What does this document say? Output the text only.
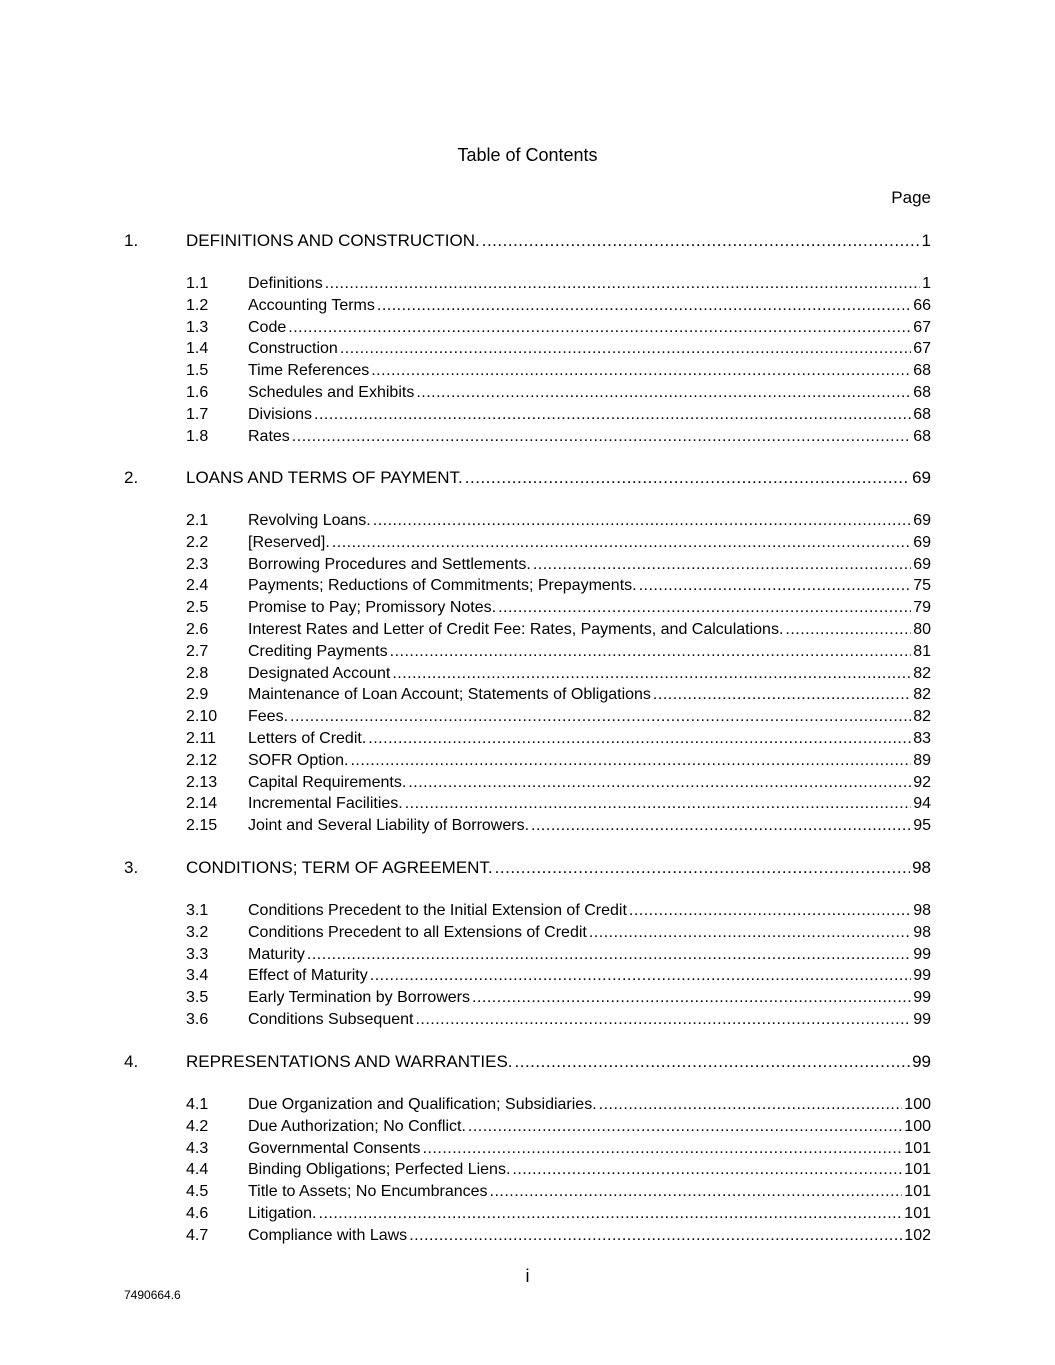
Table of Contents
Page
1.	DEFINITIONS AND CONSTRUCTION. .....	1
1.1	Definitions .....	1
1.2	Accounting Terms .....	66
1.3	Code .....	67
1.4	Construction .....	67
1.5	Time References .....	68
1.6	Schedules and Exhibits .....	68
1.7	Divisions .....	68
1.8	Rates .....	68
2.	LOANS AND TERMS OF PAYMENT. .....	69
2.1	Revolving Loans. .....	69
2.2	[Reserved]. .....	69
2.3	Borrowing Procedures and Settlements. .....	69
2.4	Payments; Reductions of Commitments; Prepayments. .....	75
2.5	Promise to Pay; Promissory Notes. .....	79
2.6	Interest Rates and Letter of Credit Fee: Rates, Payments, and Calculations. .....	80
2.7	Crediting Payments .....	81
2.8	Designated Account .....	82
2.9	Maintenance of Loan Account; Statements of Obligations .....	82
2.10	Fees. .....	82
2.11	Letters of Credit. .....	83
2.12	SOFR Option. .....	89
2.13	Capital Requirements. .....	92
2.14	Incremental Facilities. .....	94
2.15	Joint and Several Liability of Borrowers. .....	95
3.	CONDITIONS; TERM OF AGREEMENT. .....	98
3.1	Conditions Precedent to the Initial Extension of Credit .....	98
3.2	Conditions Precedent to all Extensions of Credit .....	98
3.3	Maturity .....	99
3.4	Effect of Maturity .....	99
3.5	Early Termination by Borrowers .....	99
3.6	Conditions Subsequent .....	99
4.	REPRESENTATIONS AND WARRANTIES. .....	99
4.1	Due Organization and Qualification; Subsidiaries. .....	100
4.2	Due Authorization; No Conflict. .....	100
4.3	Governmental Consents .....	101
4.4	Binding Obligations; Perfected Liens. .....	101
4.5	Title to Assets; No Encumbrances .....	101
4.6	Litigation. .....	101
4.7	Compliance with Laws .....	102
i
7490664.6
